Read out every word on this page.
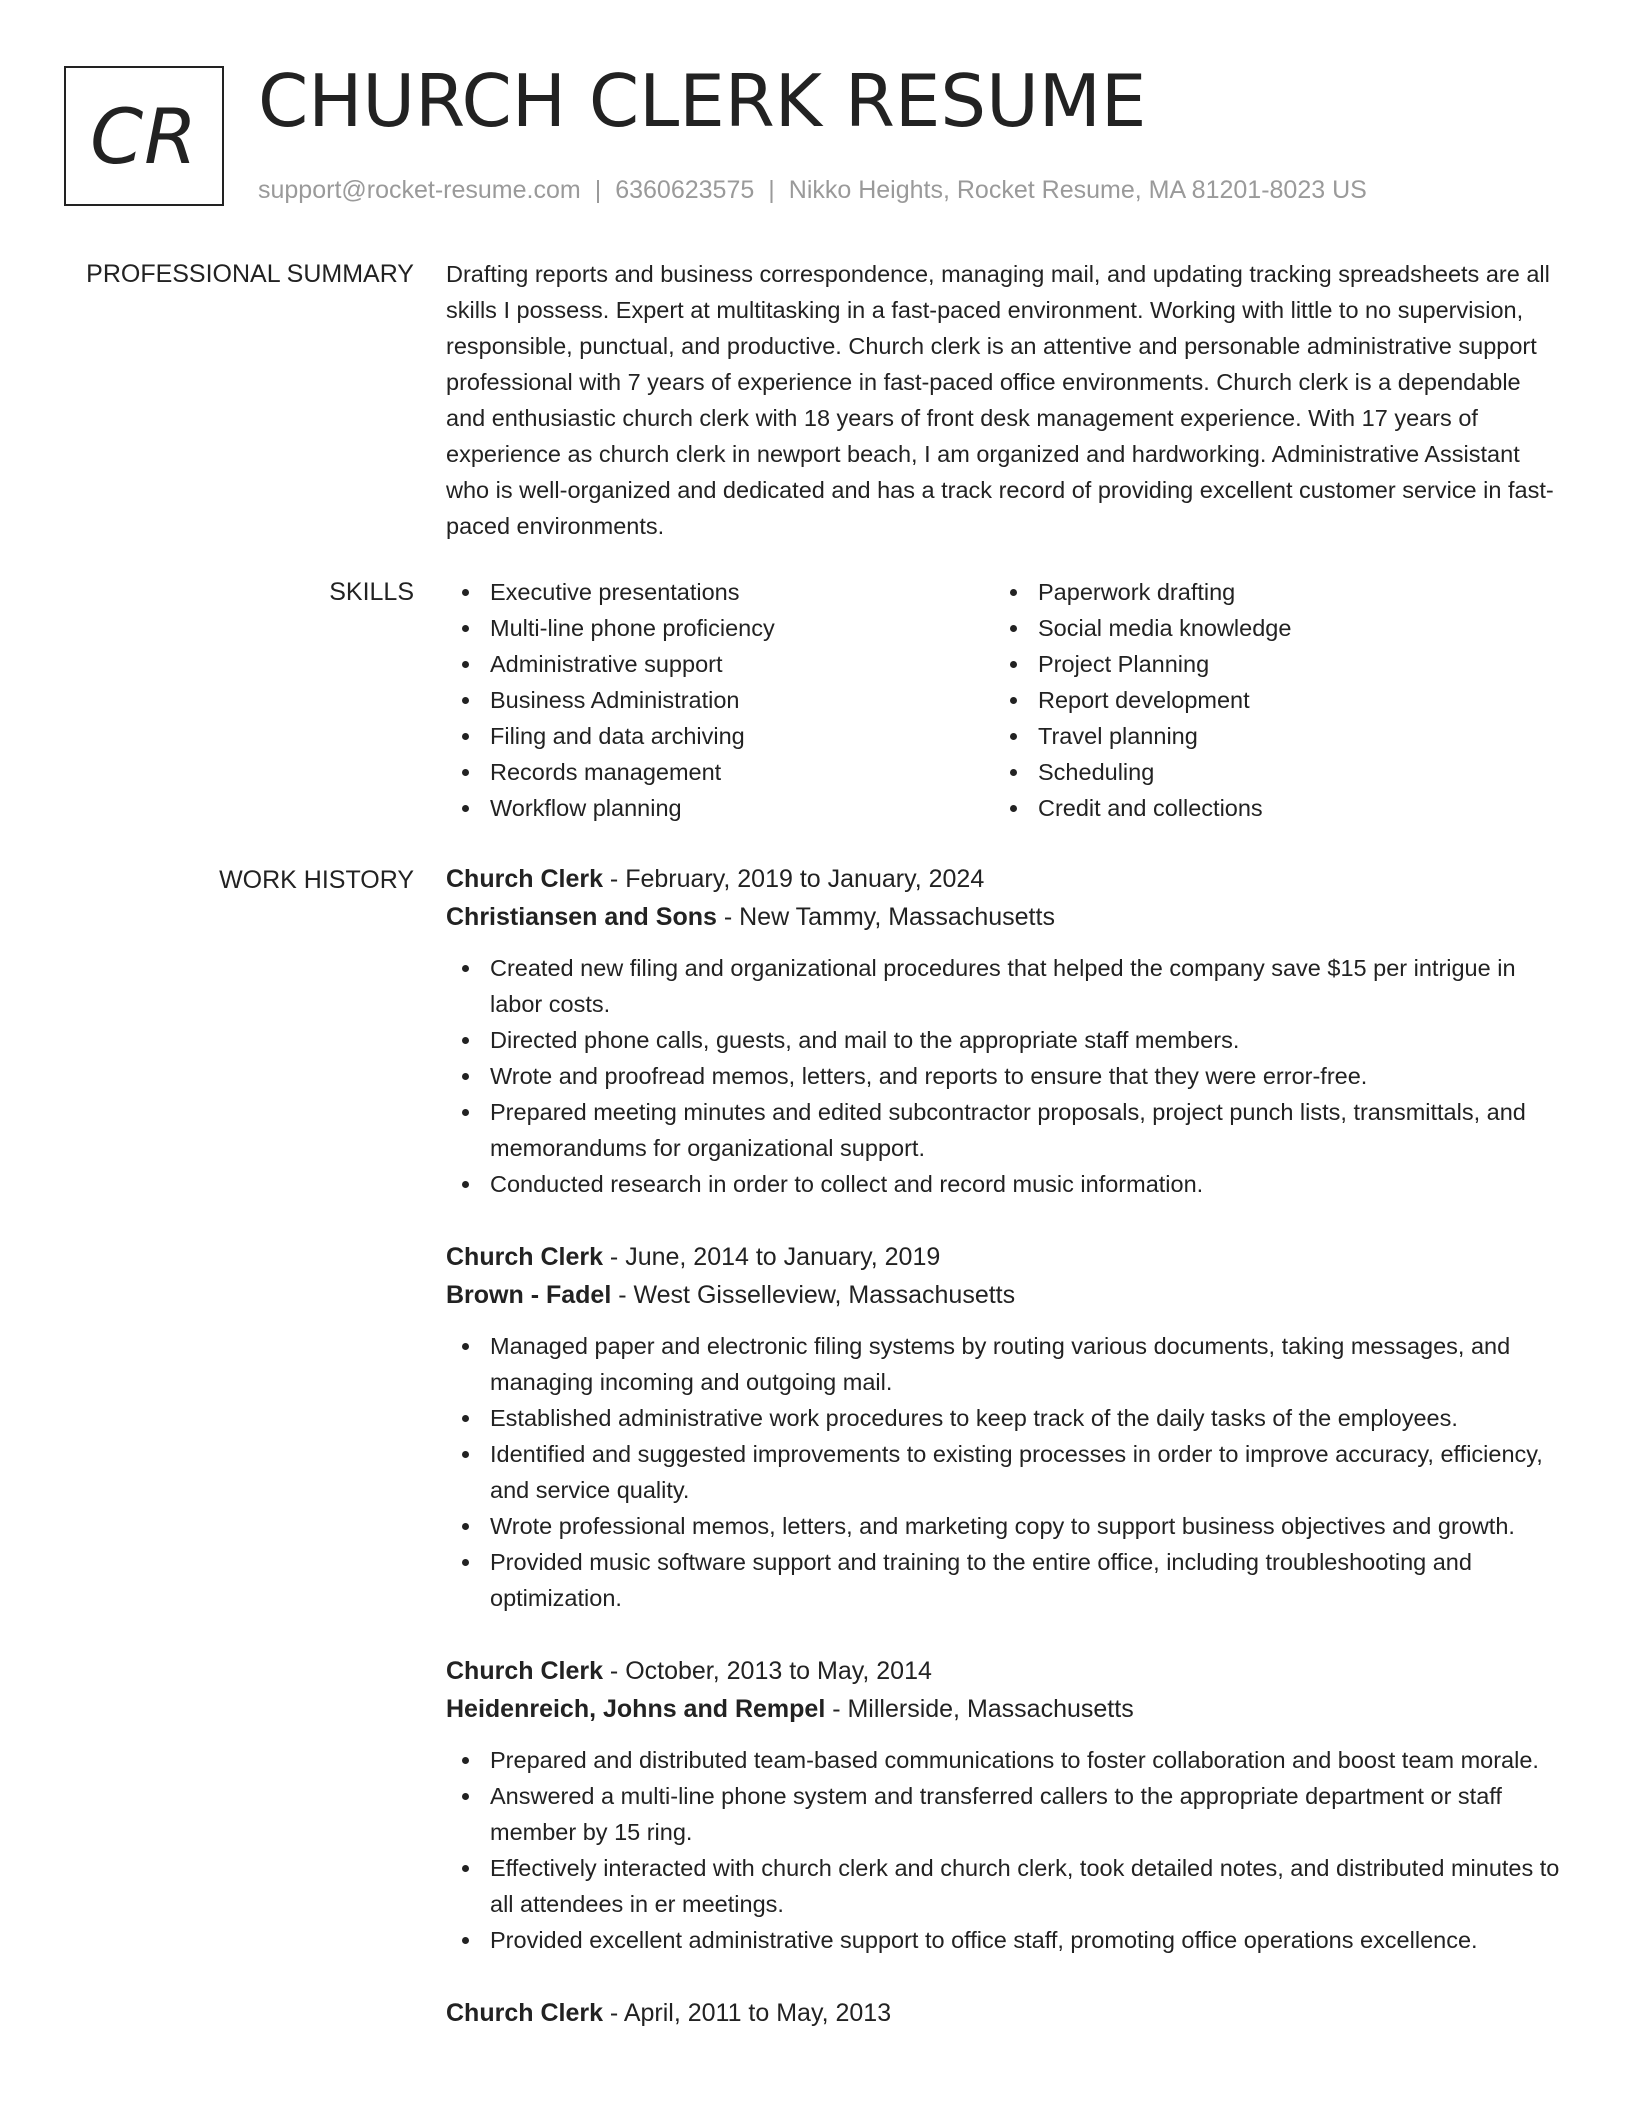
CR CHURCH CLERK RESUME
support@rocket-resume.com | 6360623575 | Nikko Heights, Rocket Resume, MA 81201-8023 US
PROFESSIONAL SUMMARY Drafting reports and business correspondence, managing mail, and updating tracking spreadsheets are all skills I possess. Expert at multitasking in a fast-paced environment. Working with little to no supervision, responsible, punctual, and productive. Church clerk is an attentive and personable administrative support professional with 7 years of experience in fast-paced office environments. Church clerk is a dependable and enthusiastic church clerk with 18 years of front desk management experience. With 17 years of experience as church clerk in newport beach, I am organized and hardworking. Administrative Assistant who is well-organized and dedicated and has a track record of providing excellent customer service in fast-paced environments.

SKILLS	Executive presentations
Multi-line phone proficiency
Administrative support
Business Administration
Filing and data archiving
Records management
Workflow planning
Paperwork drafting
Social media knowledge
Project Planning
Report development
Travel planning
Scheduling
Credit and collections
WORK HISTORY Church Clerk - February, 2019 to January, 2024
Christiansen and Sons - New Tammy, Massachusetts
Created new filing and organizational procedures that helped the company save $15 per intrigue in labor costs.
Directed phone calls, guests, and mail to the appropriate staff members.
Wrote and proofread memos, letters, and reports to ensure that they were error-free.
Prepared meeting minutes and edited subcontractor proposals, project punch lists, transmittals, and memorandums for organizational support.
Conducted research in order to collect and record music information.
Church Clerk - June, 2014 to January, 2019
Brown - Fadel - West Gisselleview, Massachusetts
Managed paper and electronic filing systems by routing various documents, taking messages, and managing incoming and outgoing mail.
Established administrative work procedures to keep track of the daily tasks of the employees.
Identified and suggested improvements to existing processes in order to improve accuracy, efficiency, and service quality.
Wrote professional memos, letters, and marketing copy to support business objectives and growth.
Provided music software support and training to the entire office, including troubleshooting and optimization.
Church Clerk - October, 2013 to May, 2014
Heidenreich, Johns and Rempel - Millerside, Massachusetts
Prepared and distributed team-based communications to foster collaboration and boost team morale.
Answered a multi-line phone system and transferred callers to the appropriate department or staff member by 15 ring.
Effectively interacted with church clerk and church clerk, took detailed notes, and distributed minutes to all attendees in er meetings.
Provided excellent administrative support to office staff, promoting office operations excellence.
Church Clerk - April, 2011 to May, 2013
